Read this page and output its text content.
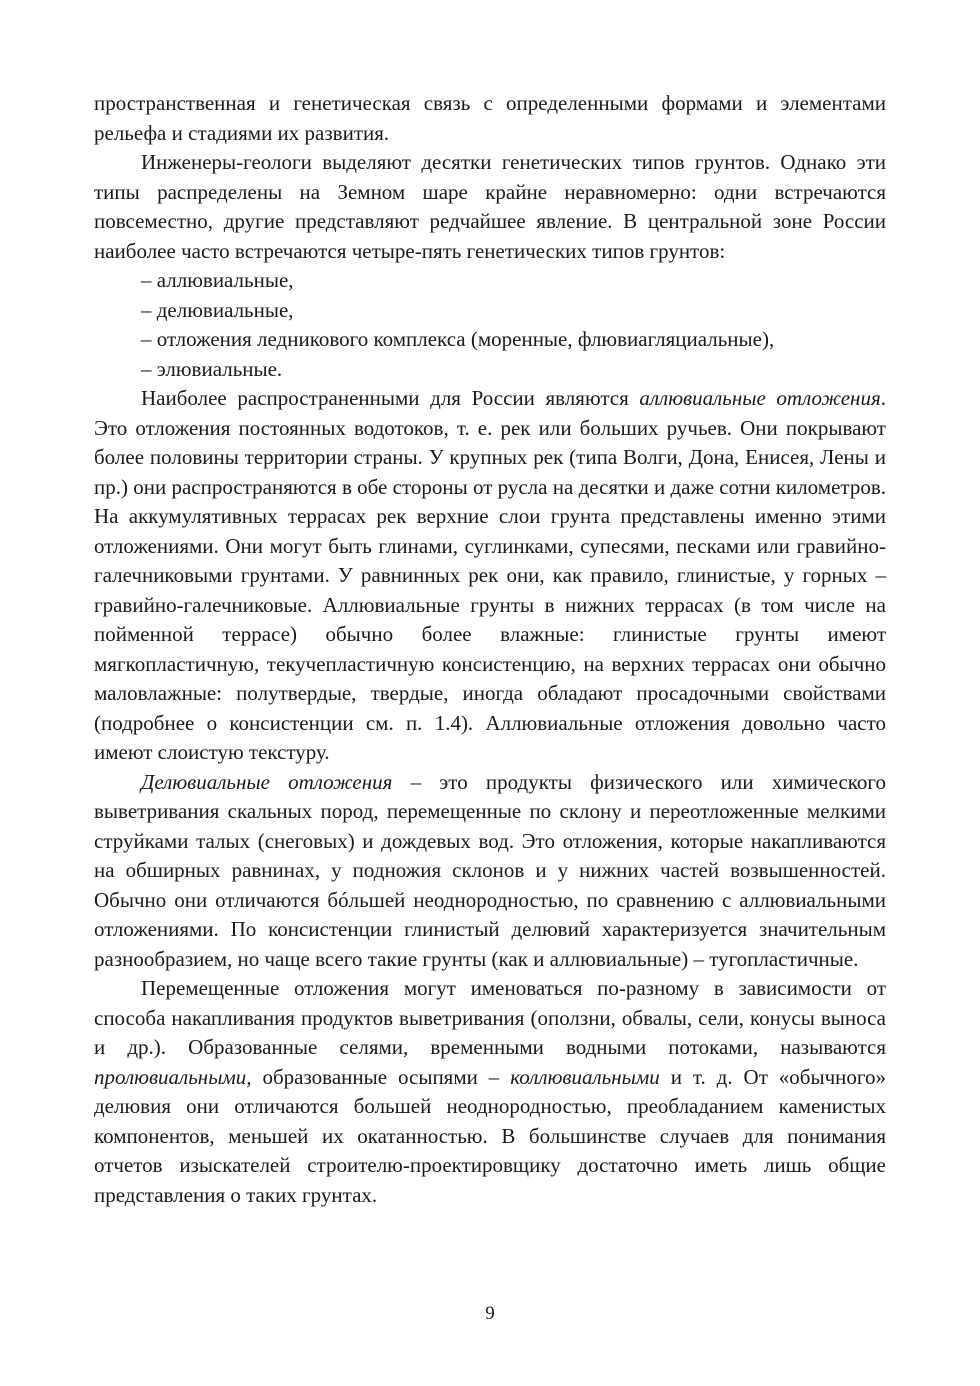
пространственная и генетическая связь с определенными формами и элементами рельефа и стадиями их развития.

Инженеры-геологи выделяют десятки генетических типов грунтов. Однако эти типы распределены на Земном шаре крайне неравномерно: одни встречаются повсеместно, другие представляют редчайшее явление. В центральной зоне России наиболее часто встречаются четыре-пять генетических типов грунтов:

– аллювиальные,

– делювиальные,

– отложения ледникового комплекса (моренные, флювиагляциальные),

– элювиальные.

Наиболее распространенными для России являются аллювиальные отложения. Это отложения постоянных водотоков, т. е. рек или больших ручьев. Они покрывают более половины территории страны. У крупных рек (типа Волги, Дона, Енисея, Лены и пр.) они распространяются в обе стороны от русла на десятки и даже сотни километров. На аккумулятивных террасах рек верхние слои грунта представлены именно этими отложениями. Они могут быть глинами, суглинками, супесями, песками или гравийно-галечниковыми грунтами. У равнинных рек они, как правило, глинистые, у горных – гравийно-галечниковые. Аллювиальные грунты в нижних террасах (в том числе на пойменной террасе) обычно более влажные: глинистые грунты имеют мягкопластичную, текучепластичную консистенцию, на верхних террасах они обычно маловлажные: полутвердые, твердые, иногда обладают просадочными свойствами (подробнее о консистенции см. п. 1.4). Аллювиальные отложения довольно часто имеют слоистую текстуру.

Делювиальные отложения – это продукты физического или химического выветривания скальных пород, перемещенные по склону и переотложенные мелкими струйками талых (снеговых) и дождевых вод. Это отложения, которые накапливаются на обширных равнинах, у подножия склонов и у нижних частей возвышенностей. Обычно они отличаются бóльшей неоднородностью, по сравнению с аллювиальными отложениями. По консистенции глинистый делювий характеризуется значительным разнообразием, но чаще всего такие грунты (как и аллювиальные) – тугопластичные.

Перемещенные отложения могут именоваться по-разному в зависимости от способа накапливания продуктов выветривания (оползни, обвалы, сели, конусы выноса и др.). Образованные селями, временными водными потоками, называются пролювиальными, образованные осыпями – коллювиальными и т. д. От «обычного» делювия они отличаются большей неоднородностью, преобладанием каменистых компонентов, меньшей их окатанностью. В большинстве случаев для понимания отчетов изыскателей строителю-проектировщику достаточно иметь лишь общие представления о таких грунтах.

9
